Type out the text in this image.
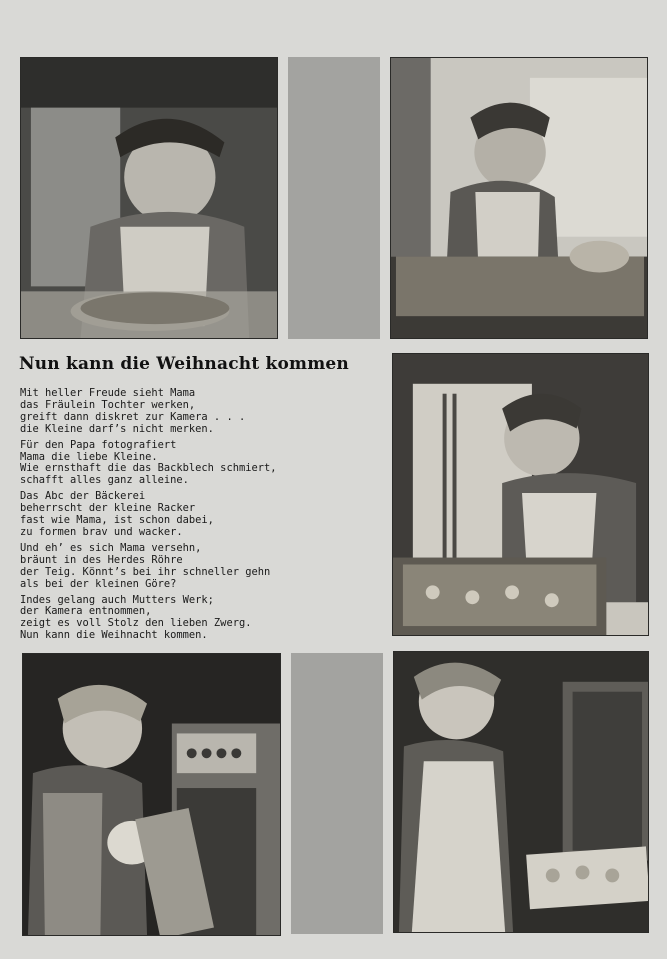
Nun kann die Weihnacht kommen
Mit heller Freude sieht Mama
das Fräulein Tochter werken,
greift dann diskret zur Kamera . . .
die Kleine darf’s nicht merken.
Für den Papa fotografiert
Mama die liebe Kleine.
Wie ernsthaft die das Backblech schmiert,
schafft alles ganz alleine.
Das Abc der Bäckerei
beherrscht der kleine Racker
fast wie Mama, ist schon dabei,
zu formen brav und wacker.
Und eh’ es sich Mama versehn,
bräunt in des Herdes Röhre
der Teig. Könnt’s bei ihr schneller gehn
als bei der kleinen Göre?
Indes gelang auch Mutters Werk;
der Kamera entnommen,
zeigt es voll Stolz den lieben Zwerg.
Nun kann die Weihnacht kommen.
